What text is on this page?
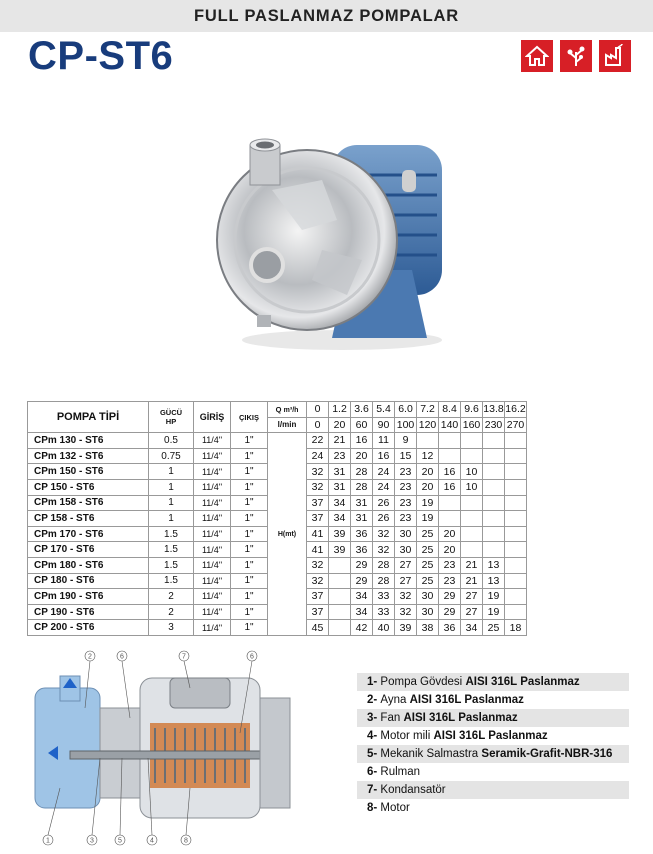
FULL PASLANMAZ POMPALAR
CP-ST6
POMPA TİPİ	GÜCÜ
HP	GİRİŞ	ÇIKIŞ	Q m³/h	0	1.2	3.6	5.4	6.0	7.2	8.4	9.6	13.8	16.2
				l/min	0	20	60	90	100	120	140	160	230	270
CPm 130 - ST6	0.5	11/4"	1"	H(mt)	22	21	16	11	9					
CPm 132 - ST6	0.75	11/4"	1"		24	23	20	16	15	12				
CPm 150 - ST6	1	11/4"	1"		32	31	28	24	23	20	16	10		
CP 150 - ST6	1	11/4"	1"		32	31	28	24	23	20	16	10		
CPm 158 - ST6	1	11/4"	1"		37	34	31	26	23	19				
CP 158 - ST6	1	11/4"	1"		37	34	31	26	23	19				
CPm 170 - ST6	1.5	11/4"	1"		41	39	36	32	30	25	20			
CP 170 - ST6	1.5	11/4"	1"		41	39	36	32	30	25	20			
CPm 180 - ST6	1.5	11/4"	1"		32		29	28	27	25	23	21	13	
CP 180 - ST6	1.5	11/4"	1"		32		29	28	27	25	23	21	13	
CPm 190 - ST6	2	11/4"	1"		37		34	33	32	30	29	27	19	
CP 190 - ST6	2	11/4"	1"		37		34	33	32	30	29	27	19	
CP 200 - ST6	3	11/4"	1"		45		42	40	39	38	36	34	25	18
2	6	7	6
1	3	5	4	8
1- Pompa Gövdesi AISI 316L Paslanmaz
2- Ayna AISI 316L Paslanmaz
3- Fan AISI 316L Paslanmaz
4- Motor mili AISI 316L Paslanmaz
5- Mekanik Salmastra Seramik-Grafit-NBR-316
6- Rulman
7- Kondansatör
8- Motor
